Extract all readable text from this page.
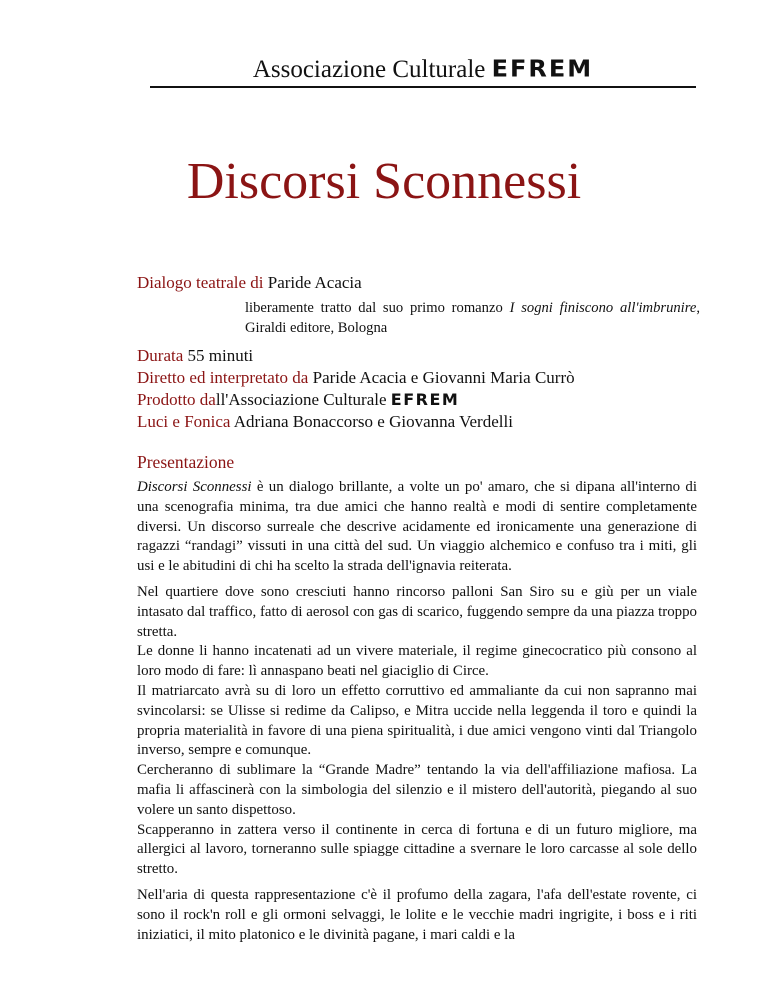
Associazione Culturale EFREM
Discorsi Sconnessi
Dialogo teatrale di Paride Acacia
liberamente tratto dal suo primo romanzo I sogni finiscono all'imbrunire, Giraldi editore, Bologna
Durata 55 minuti
Diretto ed interpretato da Paride Acacia e Giovanni Maria Currò
Prodotto dall'Associazione Culturale EFREM
Luci e Fonica Adriana Bonaccorso e Giovanna Verdelli
Presentazione

Discorsi Sconnessi è un dialogo brillante, a volte un po' amaro, che si dipana all'interno di una scenografia minima, tra due amici che hanno realtà e modi di sentire completamente diversi. Un discorso surreale che descrive acidamente ed ironicamente una generazione di ragazzi “randagi” vissuti in una città del sud. Un viaggio alchemico e confuso tra i miti, gli usi e le abitudini di chi ha scelto la strada dell'ignavia reiterata.

Nel quartiere dove sono cresciuti hanno rincorso palloni San Siro su e giù per un viale intasato dal traffico, fatto di aerosol con gas di scarico, fuggendo sempre da una piazza troppo stretta.
Le donne li hanno incatenati ad un vivere materiale, il regime ginecocratico più consono al loro modo di fare: lì annaspano beati nel giaciglio di Circe.
Il matriarcato avrà su di loro un effetto corruttivo ed ammaliante da cui non sapranno mai svincolarsi: se Ulisse si redime da Calipso, e Mitra uccide nella leggenda il toro e quindi la propria materialità in favore di una piena spiritualità, i due amici vengono vinti dal Triangolo inverso, sempre e comunque.
Cercheranno di sublimare la “Grande Madre” tentando la via dell'affiliazione mafiosa. La mafia li affascinerà con la simbologia del silenzio e il mistero dell'autorità, piegando al suo volere un santo dispettoso.
Scapperanno in zattera verso il continente in cerca di fortuna e di un futuro migliore, ma allergici al lavoro, torneranno sulle spiagge cittadine a svernare le loro carcasse al sole dello stretto.

Nell'aria di questa rappresentazione c'è il profumo della zagara, l'afa dell'estate rovente, ci sono il rock'n roll e gli ormoni selvaggi, le lolite e le vecchie madri ingrigite, i boss e i riti iniziatici, il mito platonico e le divinità pagane, i mari caldi e la
